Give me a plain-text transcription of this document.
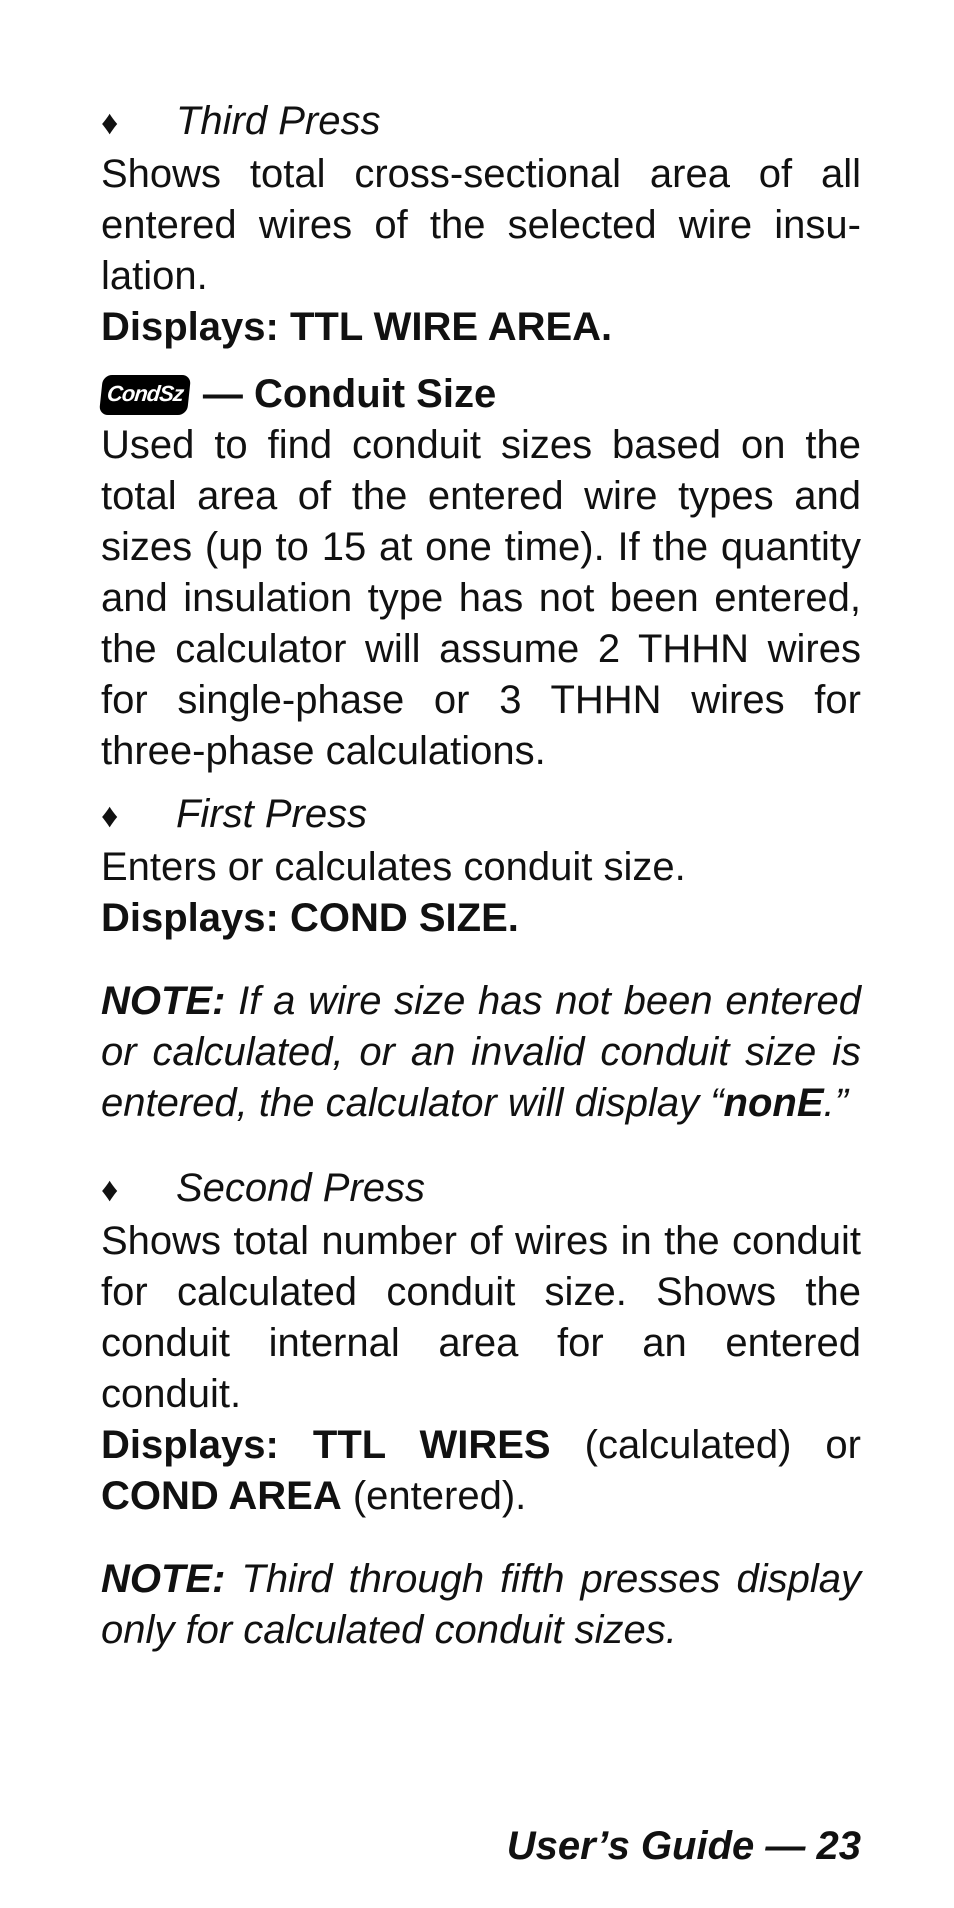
♦	Third Press

Shows total cross-sectional area of all entered wires of the selected wire insulation.

Displays: TTL WIRE AREA.

CondSz — Conduit Size

Used to find conduit sizes based on the total area of the entered wire types and sizes (up to 15 at one time). If the quantity and insulation type has not been entered, the calculator will assume 2 THHN wires for single-phase or 3 THHN wires for three-phase calculations.

♦	First Press

Enters or calculates conduit size.

Displays: COND SIZE.

NOTE: If a wire size has not been entered or calculated, or an invalid conduit size is entered, the calculator will display “nonE.”

♦	Second Press

Shows total number of wires in the conduit for calculated conduit size. Shows the conduit internal area for an entered conduit.

Displays: TTL WIRES (calculated) or COND AREA (entered).

NOTE: Third through fifth presses display only for calculated conduit sizes.

User’s Guide — 23
